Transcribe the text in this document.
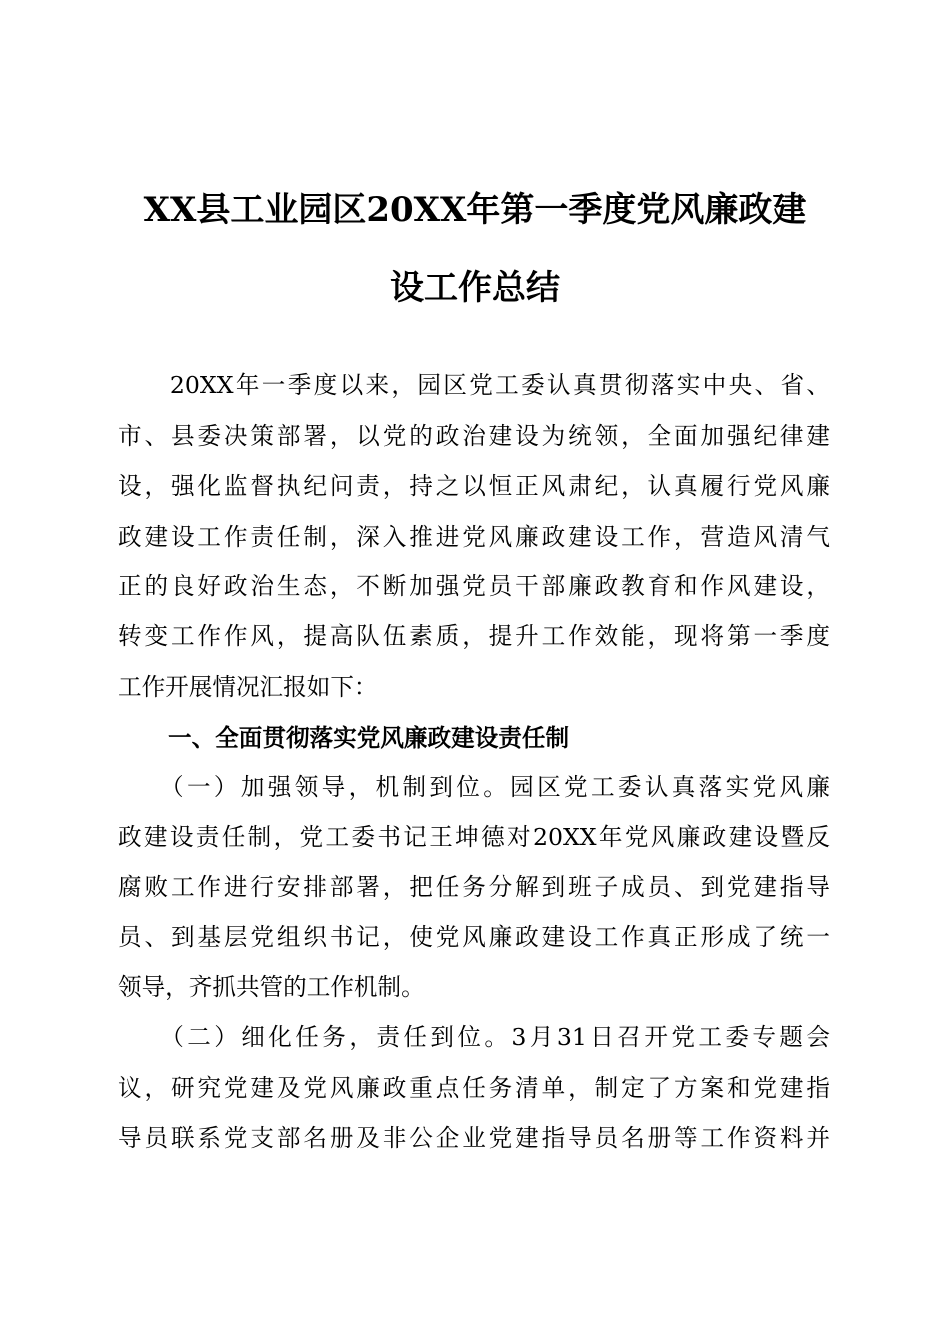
XX县工业园区20XX年第一季度党风廉政建
设工作总结
　　20XX年一季度以来，园区党工委认真贯彻落实中央、省、
市、县委决策部署，以党的政治建设为统领，全面加强纪律建
设，强化监督执纪问责，持之以恒正风肃纪，认真履行党风廉
政建设工作责任制，深入推进党风廉政建设工作，营造风清气
正的良好政治生态，不断加强党员干部廉政教育和作风建设，
转变工作作风，提高队伍素质，提升工作效能，现将第一季度
工作开展情况汇报如下：
一、全面贯彻落实党风廉政建设责任制
　　（一）加强领导，机制到位。园区党工委认真落实党风廉
政建设责任制，党工委书记王坤德对20XX年党风廉政建设暨反
腐败工作进行安排部署，把任务分解到班子成员、到党建指导
员、到基层党组织书记，使党风廉政建设工作真正形成了统一
领导，齐抓共管的工作机制。
　　（二）细化任务，责任到位。3月31日召开党工委专题会
议，研究党建及党风廉政重点任务清单，制定了方案和党建指
导员联系党支部名册及非公企业党建指导员名册等工作资料并
